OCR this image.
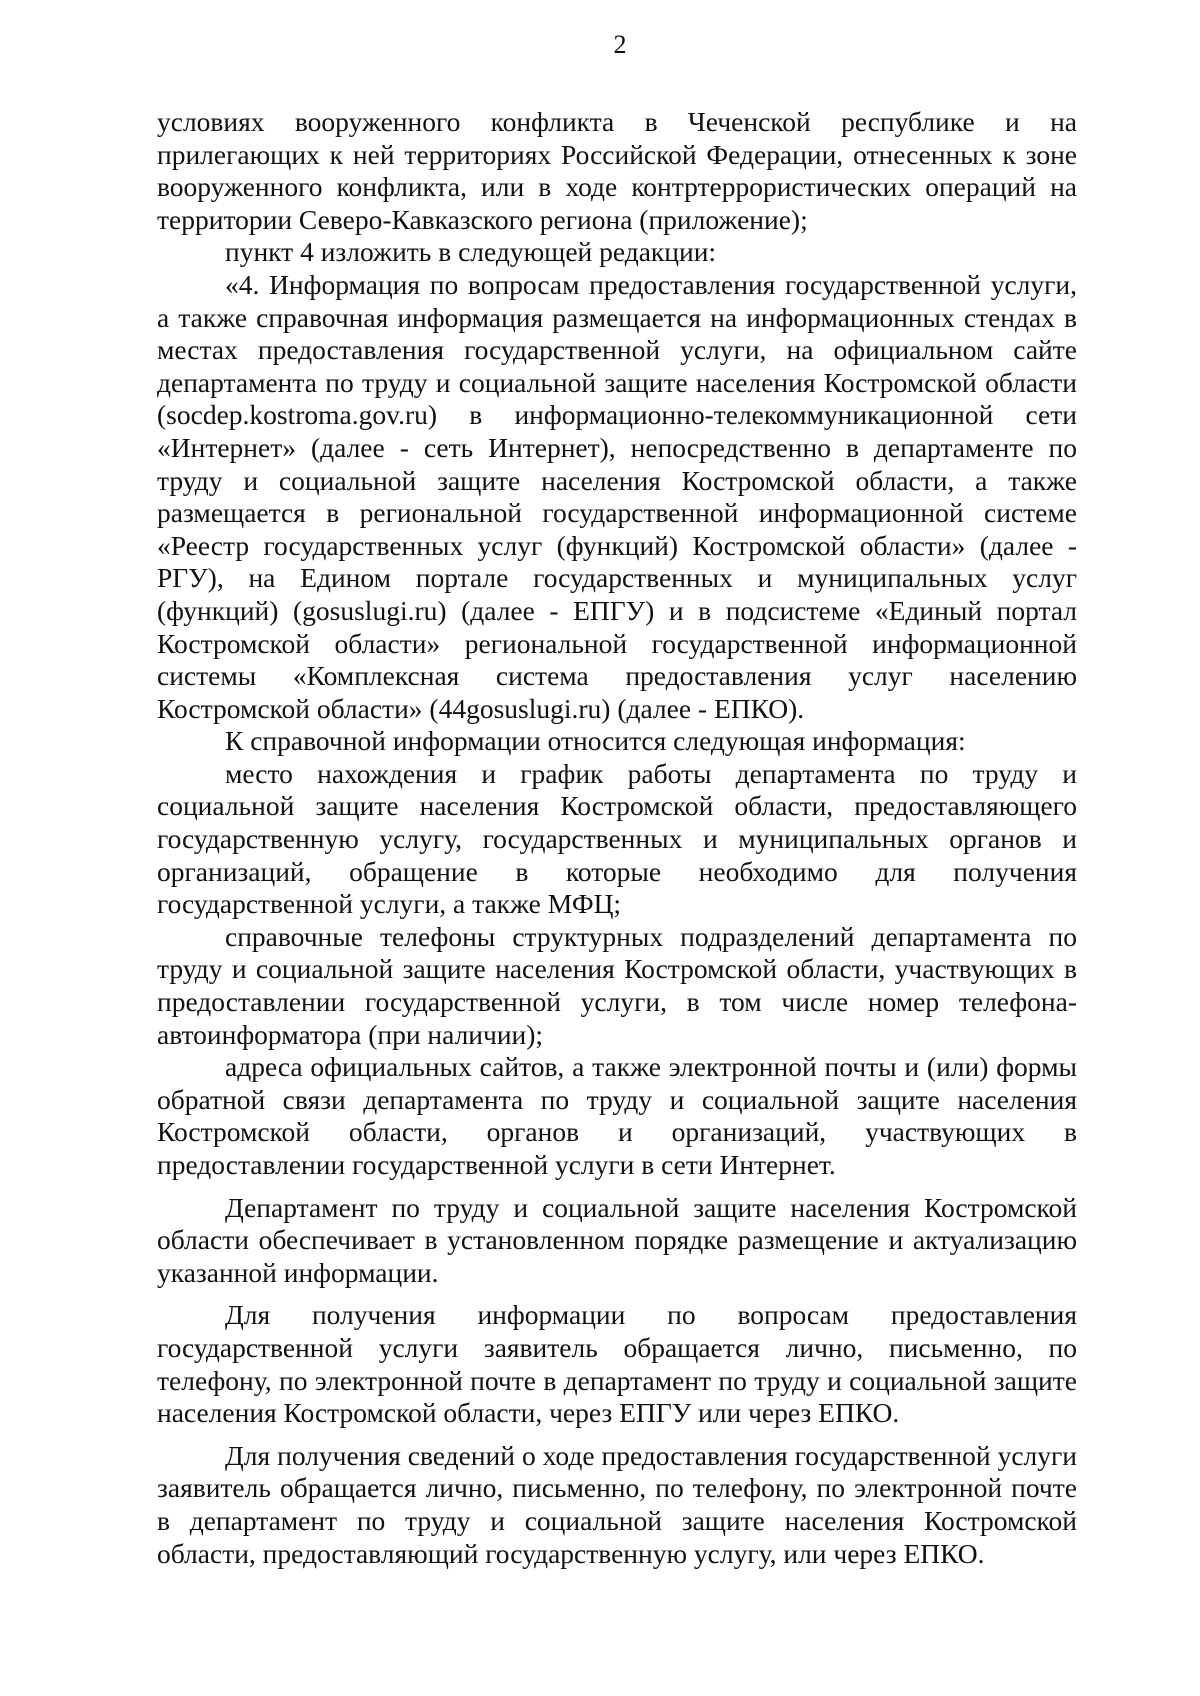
2

условиях вооруженного конфликта в Чеченской республике и на прилегающих к ней территориях Российской Федерации, отнесенных к зоне вооруженного конфликта, или в ходе контртеррористических операций на территории Северо-Кавказского региона (приложение);

пункт 4 изложить в следующей редакции:

«4. Информация по вопросам предоставления государственной услуги, а также справочная информация размещается на информационных стендах в местах предоставления государственной услуги, на официальном сайте департамента по труду и социальной защите населения Костромской области (socdep.kostroma.gov.ru) в информационно-телекоммуникационной сети «Интернет» (далее - сеть Интернет), непосредственно в департаменте по труду и социальной защите населения Костромской области, а также размещается в региональной государственной информационной системе «Реестр государственных услуг (функций) Костромской области» (далее - РГУ), на Едином портале государственных и муниципальных услуг (функций) (gosuslugi.ru) (далее - ЕПГУ) и в подсистеме «Единый портал Костромской области» региональной государственной информационной системы «Комплексная система предоставления услуг населению Костромской области» (44gosuslugi.ru) (далее - ЕПКО).

К справочной информации относится следующая информация:

место нахождения и график работы департамента по труду и социальной защите населения Костромской области, предоставляющего государственную услугу, государственных и муниципальных органов и организаций, обращение в которые необходимо для получения государственной услуги, а также МФЦ;

справочные телефоны структурных подразделений департамента по труду и социальной защите населения Костромской области, участвующих в предоставлении государственной услуги, в том числе номер телефона-автоинформатора (при наличии);

адреса официальных сайтов, а также электронной почты и (или) формы обратной связи департамента по труду и социальной защите населения Костромской области, органов и организаций, участвующих в предоставлении государственной услуги в сети Интернет.

Департамент по труду и социальной защите населения Костромской области обеспечивает в установленном порядке размещение и актуализацию указанной информации.

Для получения информации по вопросам предоставления государственной услуги заявитель обращается лично, письменно, по телефону, по электронной почте в департамент по труду и социальной защите населения Костромской области, через ЕПГУ или через ЕПКО.

Для получения сведений о ходе предоставления государственной услуги заявитель обращается лично, письменно, по телефону, по электронной почте в департамент по труду и социальной защите населения Костромской области, предоставляющий государственную услугу, или через ЕПКО.
